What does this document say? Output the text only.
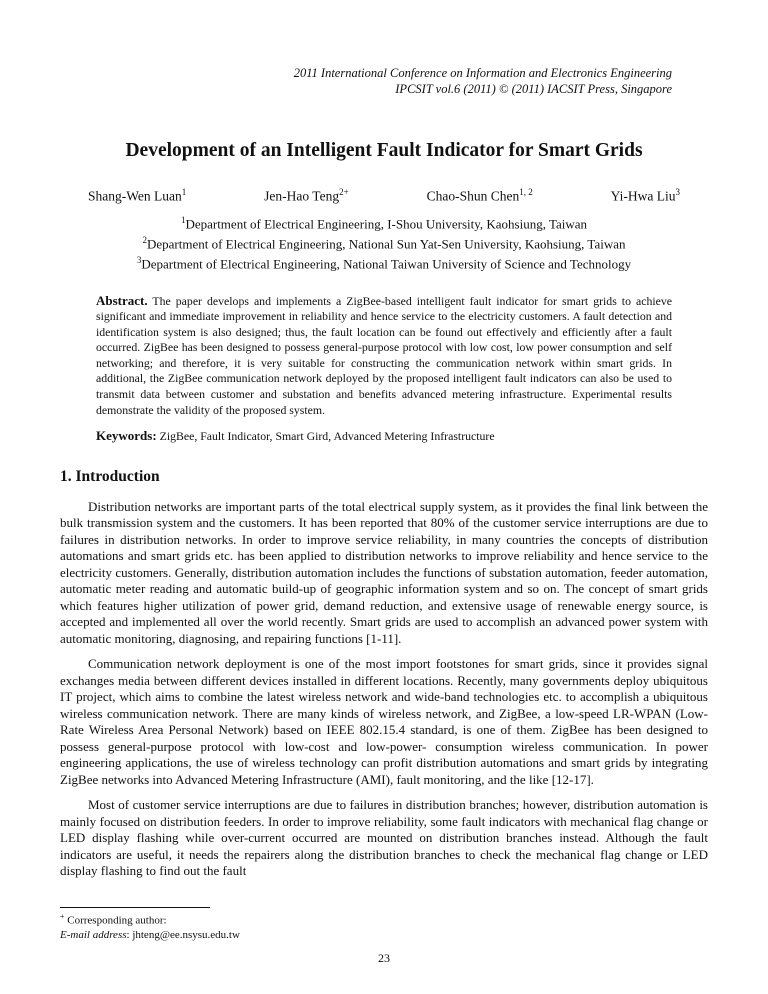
2011 International Conference on Information and Electronics Engineering
IPCSIT vol.6 (2011) © (2011) IACSIT Press, Singapore
Development of an Intelligent Fault Indicator for Smart Grids
Shang-Wen Luan$^1$	Jen-Hao Teng$^{2+}$	Chao-Shun Chen$^{1, 2}$	Yi-Hwa Liu$^3$
$^1$Department of Electrical Engineering, I-Shou University, Kaohsiung, Taiwan
$^2$Department of Electrical Engineering, National Sun Yat-Sen University, Kaohsiung, Taiwan
$^3$Department of Electrical Engineering, National Taiwan University of Science and Technology
Abstract. The paper develops and implements a ZigBee-based intelligent fault indicator for smart grids to achieve significant and immediate improvement in reliability and hence service to the electricity customers. A fault detection and identification system is also designed; thus, the fault location can be found out effectively and efficiently after a fault occurred. ZigBee has been designed to possess general-purpose protocol with low cost, low power consumption and self networking; and therefore, it is very suitable for constructing the communication network within smart grids. In additional, the ZigBee communication network deployed by the proposed intelligent fault indicators can also be used to transmit data between customer and substation and benefits advanced metering infrastructure. Experimental results demonstrate the validity of the proposed system.
Keywords: ZigBee, Fault Indicator, Smart Gird, Advanced Metering Infrastructure
1. Introduction

Distribution networks are important parts of the total electrical supply system, as it provides the final link between the bulk transmission system and the customers. It has been reported that 80% of the customer service interruptions are due to failures in distribution networks. In order to improve service reliability, in many countries the concepts of distribution automations and smart grids etc. has been applied to distribution networks to improve reliability and hence service to the electricity customers. Generally, distribution automation includes the functions of substation automation, feeder automation, automatic meter reading and automatic build-up of geographic information system and so on. The concept of smart grids which features higher utilization of power grid, demand reduction, and extensive usage of renewable energy source, is accepted and implemented all over the world recently. Smart grids are used to accomplish an advanced power system with automatic monitoring, diagnosing, and repairing functions [1-11].

Communication network deployment is one of the most import footstones for smart grids, since it provides signal exchanges media between different devices installed in different locations. Recently, many governments deploy ubiquitous IT project, which aims to combine the latest wireless network and wide-band technologies etc. to accomplish a ubiquitous wireless communication network. There are many kinds of wireless network, and ZigBee, a low-speed LR-WPAN (Low-Rate Wireless Area Personal Network) based on IEEE 802.15.4 standard, is one of them. ZigBee has been designed to possess general-purpose protocol with low-cost and low-power- consumption wireless communication. In power engineering applications, the use of wireless technology can profit distribution automations and smart grids by integrating ZigBee networks into Advanced Metering Infrastructure (AMI), fault monitoring, and the like [12-17].

Most of customer service interruptions are due to failures in distribution branches; however, distribution automation is mainly focused on distribution feeders. In order to improve reliability, some fault indicators with mechanical flag change or LED display flashing while over-current occurred are mounted on distribution branches instead. Although the fault indicators are useful, it needs the repairers along the distribution branches to check the mechanical flag change or LED display flashing to find out the fault

+ Corresponding author:
E-mail address: jhteng@ee.nsysu.edu.tw
23
